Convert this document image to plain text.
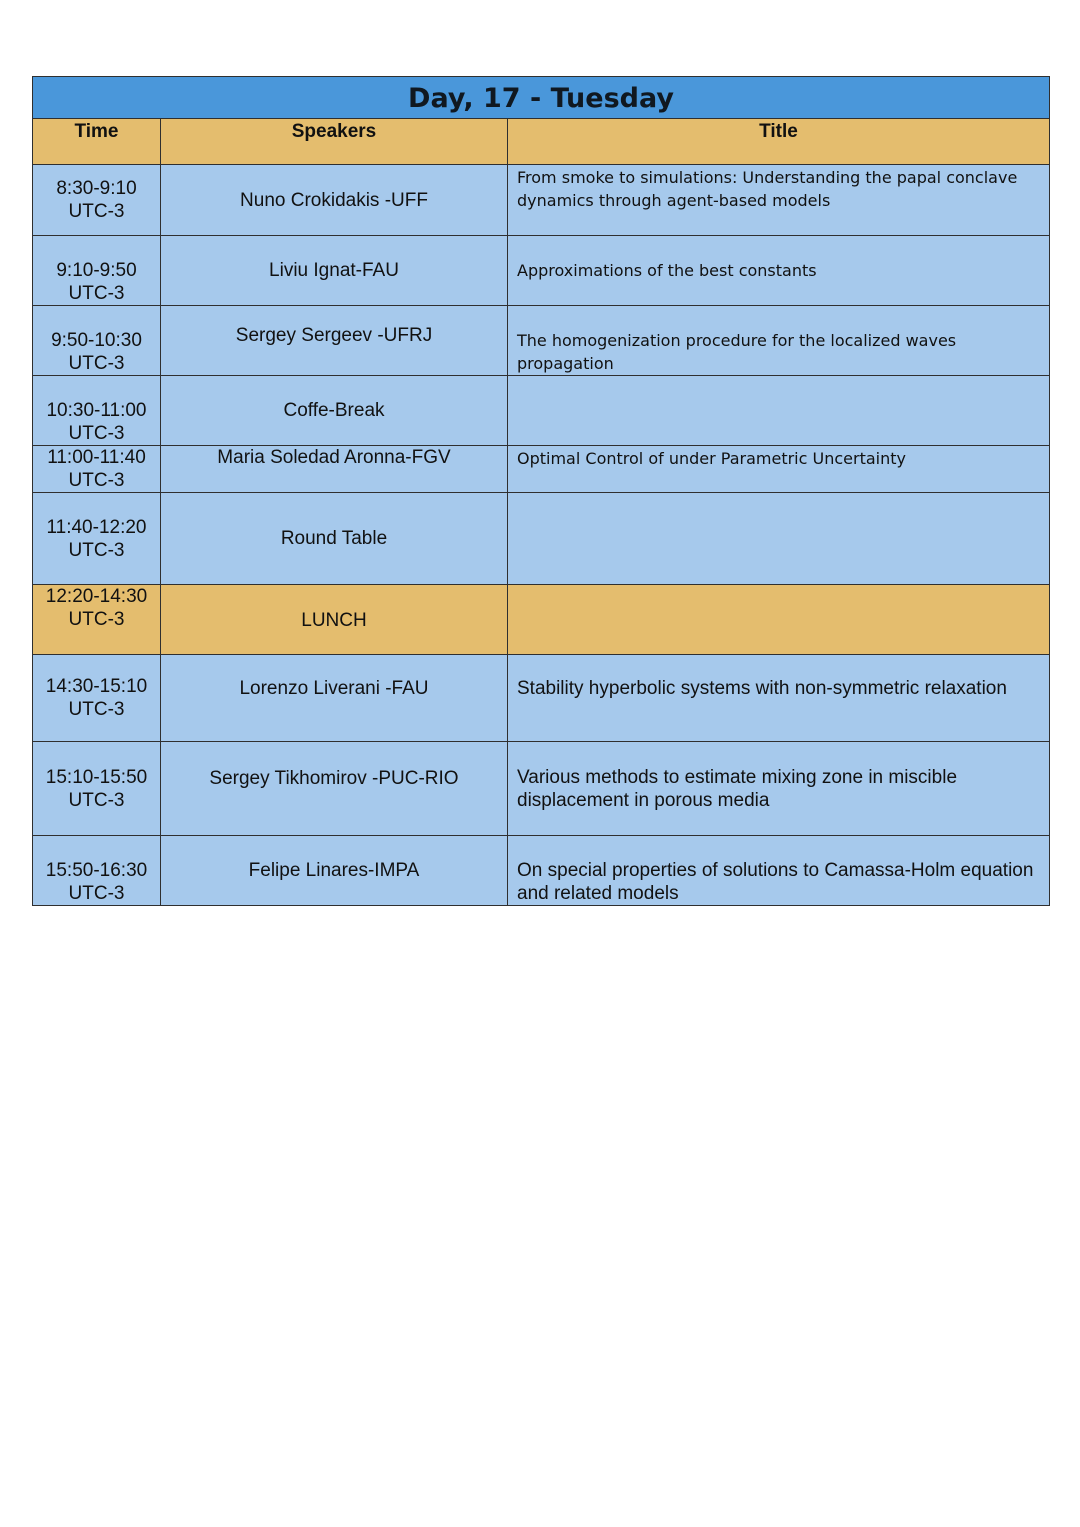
Day, 17 - Tuesday		
Time	Speakers	Title

8:30-9:10
UTC-3	Nuno Crokidakis -UFF	From smoke to simulations: Understanding the papal conclave dynamics through agent-based models

9:10-9:50
UTC-3	Liviu Ignat-FAU	Approximations of the best constants

9:50-10:30
UTC-3	Sergey Sergeev -UFRJ	The homogenization procedure for the localized waves propagation

10:30-11:00
UTC-3	Coffe-Break	

11:00-11:40
UTC-3	Maria Soledad Aronna-FGV	Optimal Control of under Parametric Uncertainty

11:40-12:20
UTC-3	Round Table	

12:20-14:30
UTC-3	LUNCH	

14:30-15:10
UTC-3	Lorenzo Liverani -FAU	Stability hyperbolic systems with non-symmetric relaxation

15:10-15:50
UTC-3	Sergey Tikhomirov -PUC-RIO	Various methods to estimate mixing zone in miscible displacement in porous media

15:50-16:30
UTC-3	Felipe Linares-IMPA	On special properties of solutions to Camassa-Holm equation and related models
